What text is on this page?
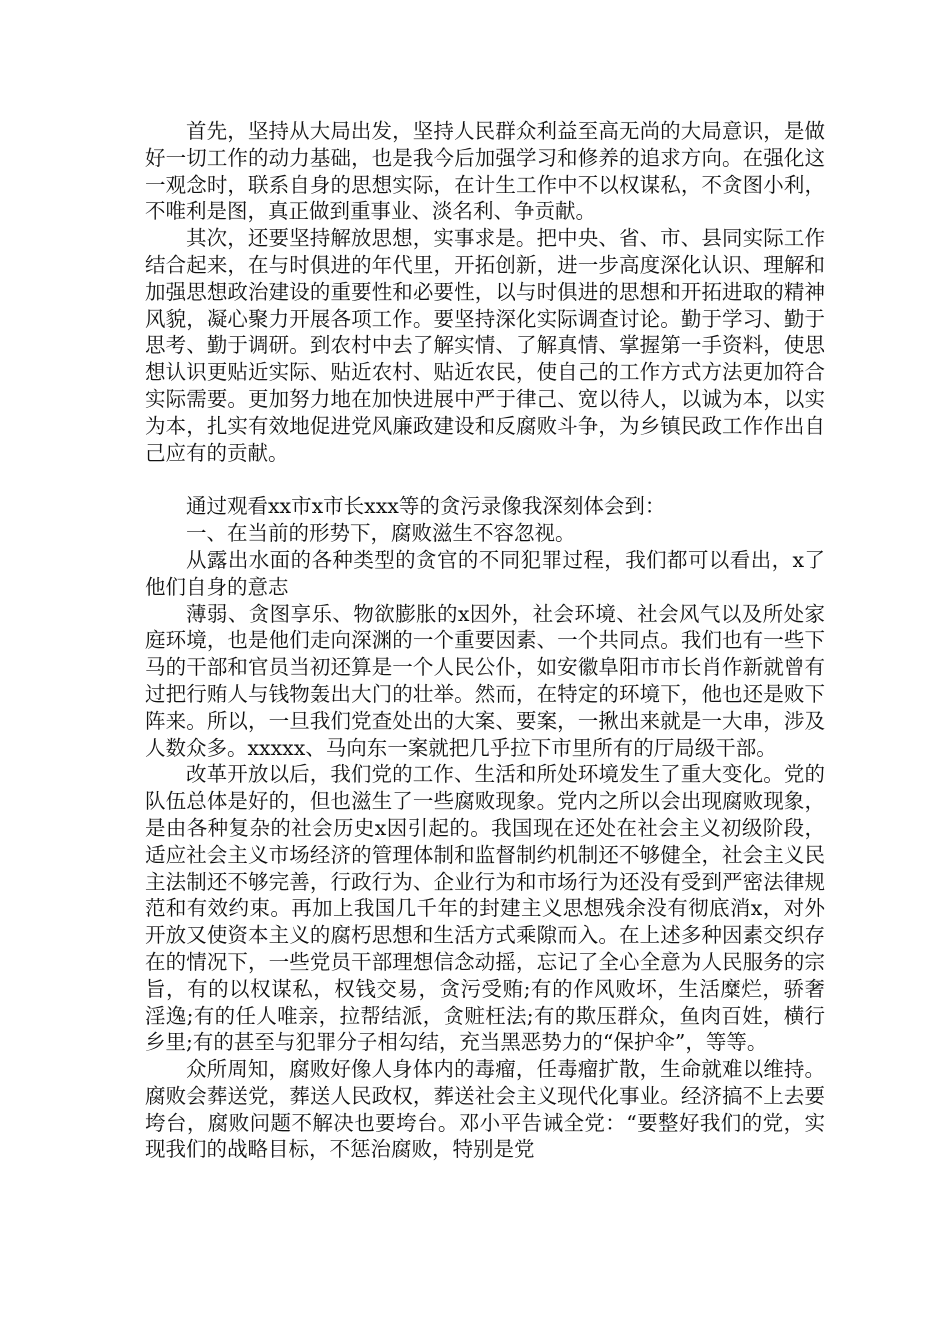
首先，坚持从大局出发，坚持人民群众利益至高无尚的大局意识，是做好一切工作的动力基础，也是我今后加强学习和修养的追求方向。在强化这一观念时，联系自身的思想实际，在计生工作中不以权谋私，不贪图小利，不唯利是图，真正做到重事业、淡名利、争贡献。

其次，还要坚持解放思想，实事求是。把中央、省、市、县同实际工作结合起来，在与时俱进的年代里，开拓创新，进一步高度深化认识、理解和加强思想政治建设的重要性和必要性，以与时俱进的思想和开拓进取的精神风貌，凝心聚力开展各项工作。要坚持深化实际调查讨论。勤于学习、勤于思考、勤于调研。到农村中去了解实情、了解真情、掌握第一手资料，使思想认识更贴近实际、贴近农村、贴近农民，使自己的工作方式方法更加符合实际需要。更加努力地在加快进展中严于律己、宽以待人，以诚为本，以实为本，扎实有效地促进党风廉政建设和反腐败斗争，为乡镇民政工作作出自己应有的贡献。

通过观看xx市x市长xxx等的贪污录像我深刻体会到：

一、在当前的形势下，腐败滋生不容忽视。

从露出水面的各种类型的贪官的不同犯罪过程，我们都可以看出，x了他们自身的意志

薄弱、贪图享乐、物欲膨胀的x因外，社会环境、社会风气以及所处家庭环境，也是他们走向深渊的一个重要因素、一个共同点。我们也有一些下马的干部和官员当初还算是一个人民公仆，如安徽阜阳市市长肖作新就曾有过把行贿人与钱物轰出大门的壮举。然而，在特定的环境下，他也还是败下阵来。所以，一旦我们党查处出的大案、要案，一揪出来就是一大串，涉及人数众多。xxxxx、马向东一案就把几乎拉下市里所有的厅局级干部。

改革开放以后，我们党的工作、生活和所处环境发生了重大变化。党的队伍总体是好的，但也滋生了一些腐败现象。党内之所以会出现腐败现象，是由各种复杂的社会历史x因引起的。我国现在还处在社会主义初级阶段，适应社会主义市场经济的管理体制和监督制约机制还不够健全，社会主义民主法制还不够完善，行政行为、企业行为和市场行为还没有受到严密法律规范和有效约束。再加上我国几千年的封建主义思想残余没有彻底消x，对外开放又使资本主义的腐朽思想和生活方式乘隙而入。在上述多种因素交织存在的情况下，一些党员干部理想信念动摇，忘记了全心全意为人民服务的宗旨，有的以权谋私，权钱交易，贪污受贿;有的作风败坏，生活糜烂，骄奢淫逸;有的任人唯亲，拉帮结派，贪赃枉法;有的欺压群众，鱼肉百姓，横行乡里;有的甚至与犯罪分子相勾结，充当黑恶势力的“保护伞”，等等。

众所周知，腐败好像人身体内的毒瘤，任毒瘤扩散，生命就难以维持。腐败会葬送党，葬送人民政权，葬送社会主义现代化事业。经济搞不上去要垮台，腐败问题不解决也要垮台。邓小平告诫全党：“要整好我们的党，实现我们的战略目标，不惩治腐败，特别是党
